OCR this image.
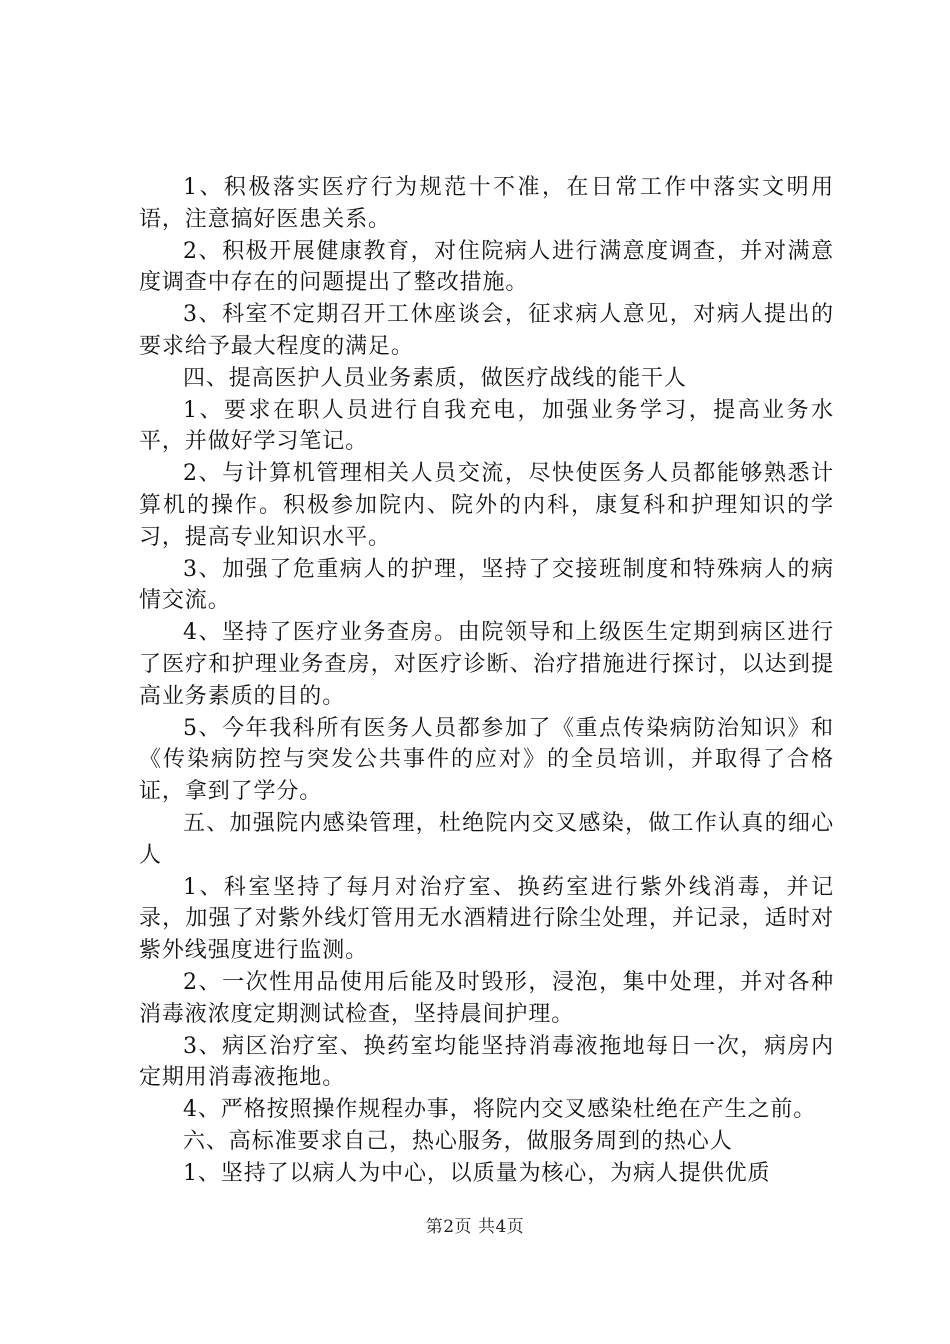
1、积极落实医疗行为规范十不准，在日常工作中落实文明用语，注意搞好医患关系。

2、积极开展健康教育，对住院病人进行满意度调查，并对满意度调查中存在的问题提出了整改措施。

3、科室不定期召开工休座谈会，征求病人意见，对病人提出的要求给予最大程度的满足。

四、提高医护人员业务素质，做医疗战线的能干人

1、要求在职人员进行自我充电，加强业务学习，提高业务水平，并做好学习笔记。

2、与计算机管理相关人员交流，尽快使医务人员都能够熟悉计算机的操作。积极参加院内、院外的内科，康复科和护理知识的学习，提高专业知识水平。

3、加强了危重病人的护理，坚持了交接班制度和特殊病人的病情交流。

4、坚持了医疗业务查房。由院领导和上级医生定期到病区进行了医疗和护理业务查房，对医疗诊断、治疗措施进行探讨，以达到提高业务素质的目的。

5、今年我科所有医务人员都参加了《重点传染病防治知识》和《传染病防控与突发公共事件的应对》的全员培训，并取得了合格证，拿到了学分。

五、加强院内感染管理，杜绝院内交叉感染，做工作认真的细心人

1、科室坚持了每月对治疗室、换药室进行紫外线消毒，并记录，加强了对紫外线灯管用无水酒精进行除尘处理，并记录，适时对紫外线强度进行监测。

2、一次性用品使用后能及时毁形，浸泡，集中处理，并对各种消毒液浓度定期测试检查，坚持晨间护理。

3、病区治疗室、换药室均能坚持消毒液拖地每日一次，病房内定期用消毒液拖地。

4、严格按照操作规程办事，将院内交叉感染杜绝在产生之前。

六、高标准要求自己，热心服务，做服务周到的热心人

1、坚持了以病人为中心，以质量为核心，为病人提供优质

第2页 共4页
